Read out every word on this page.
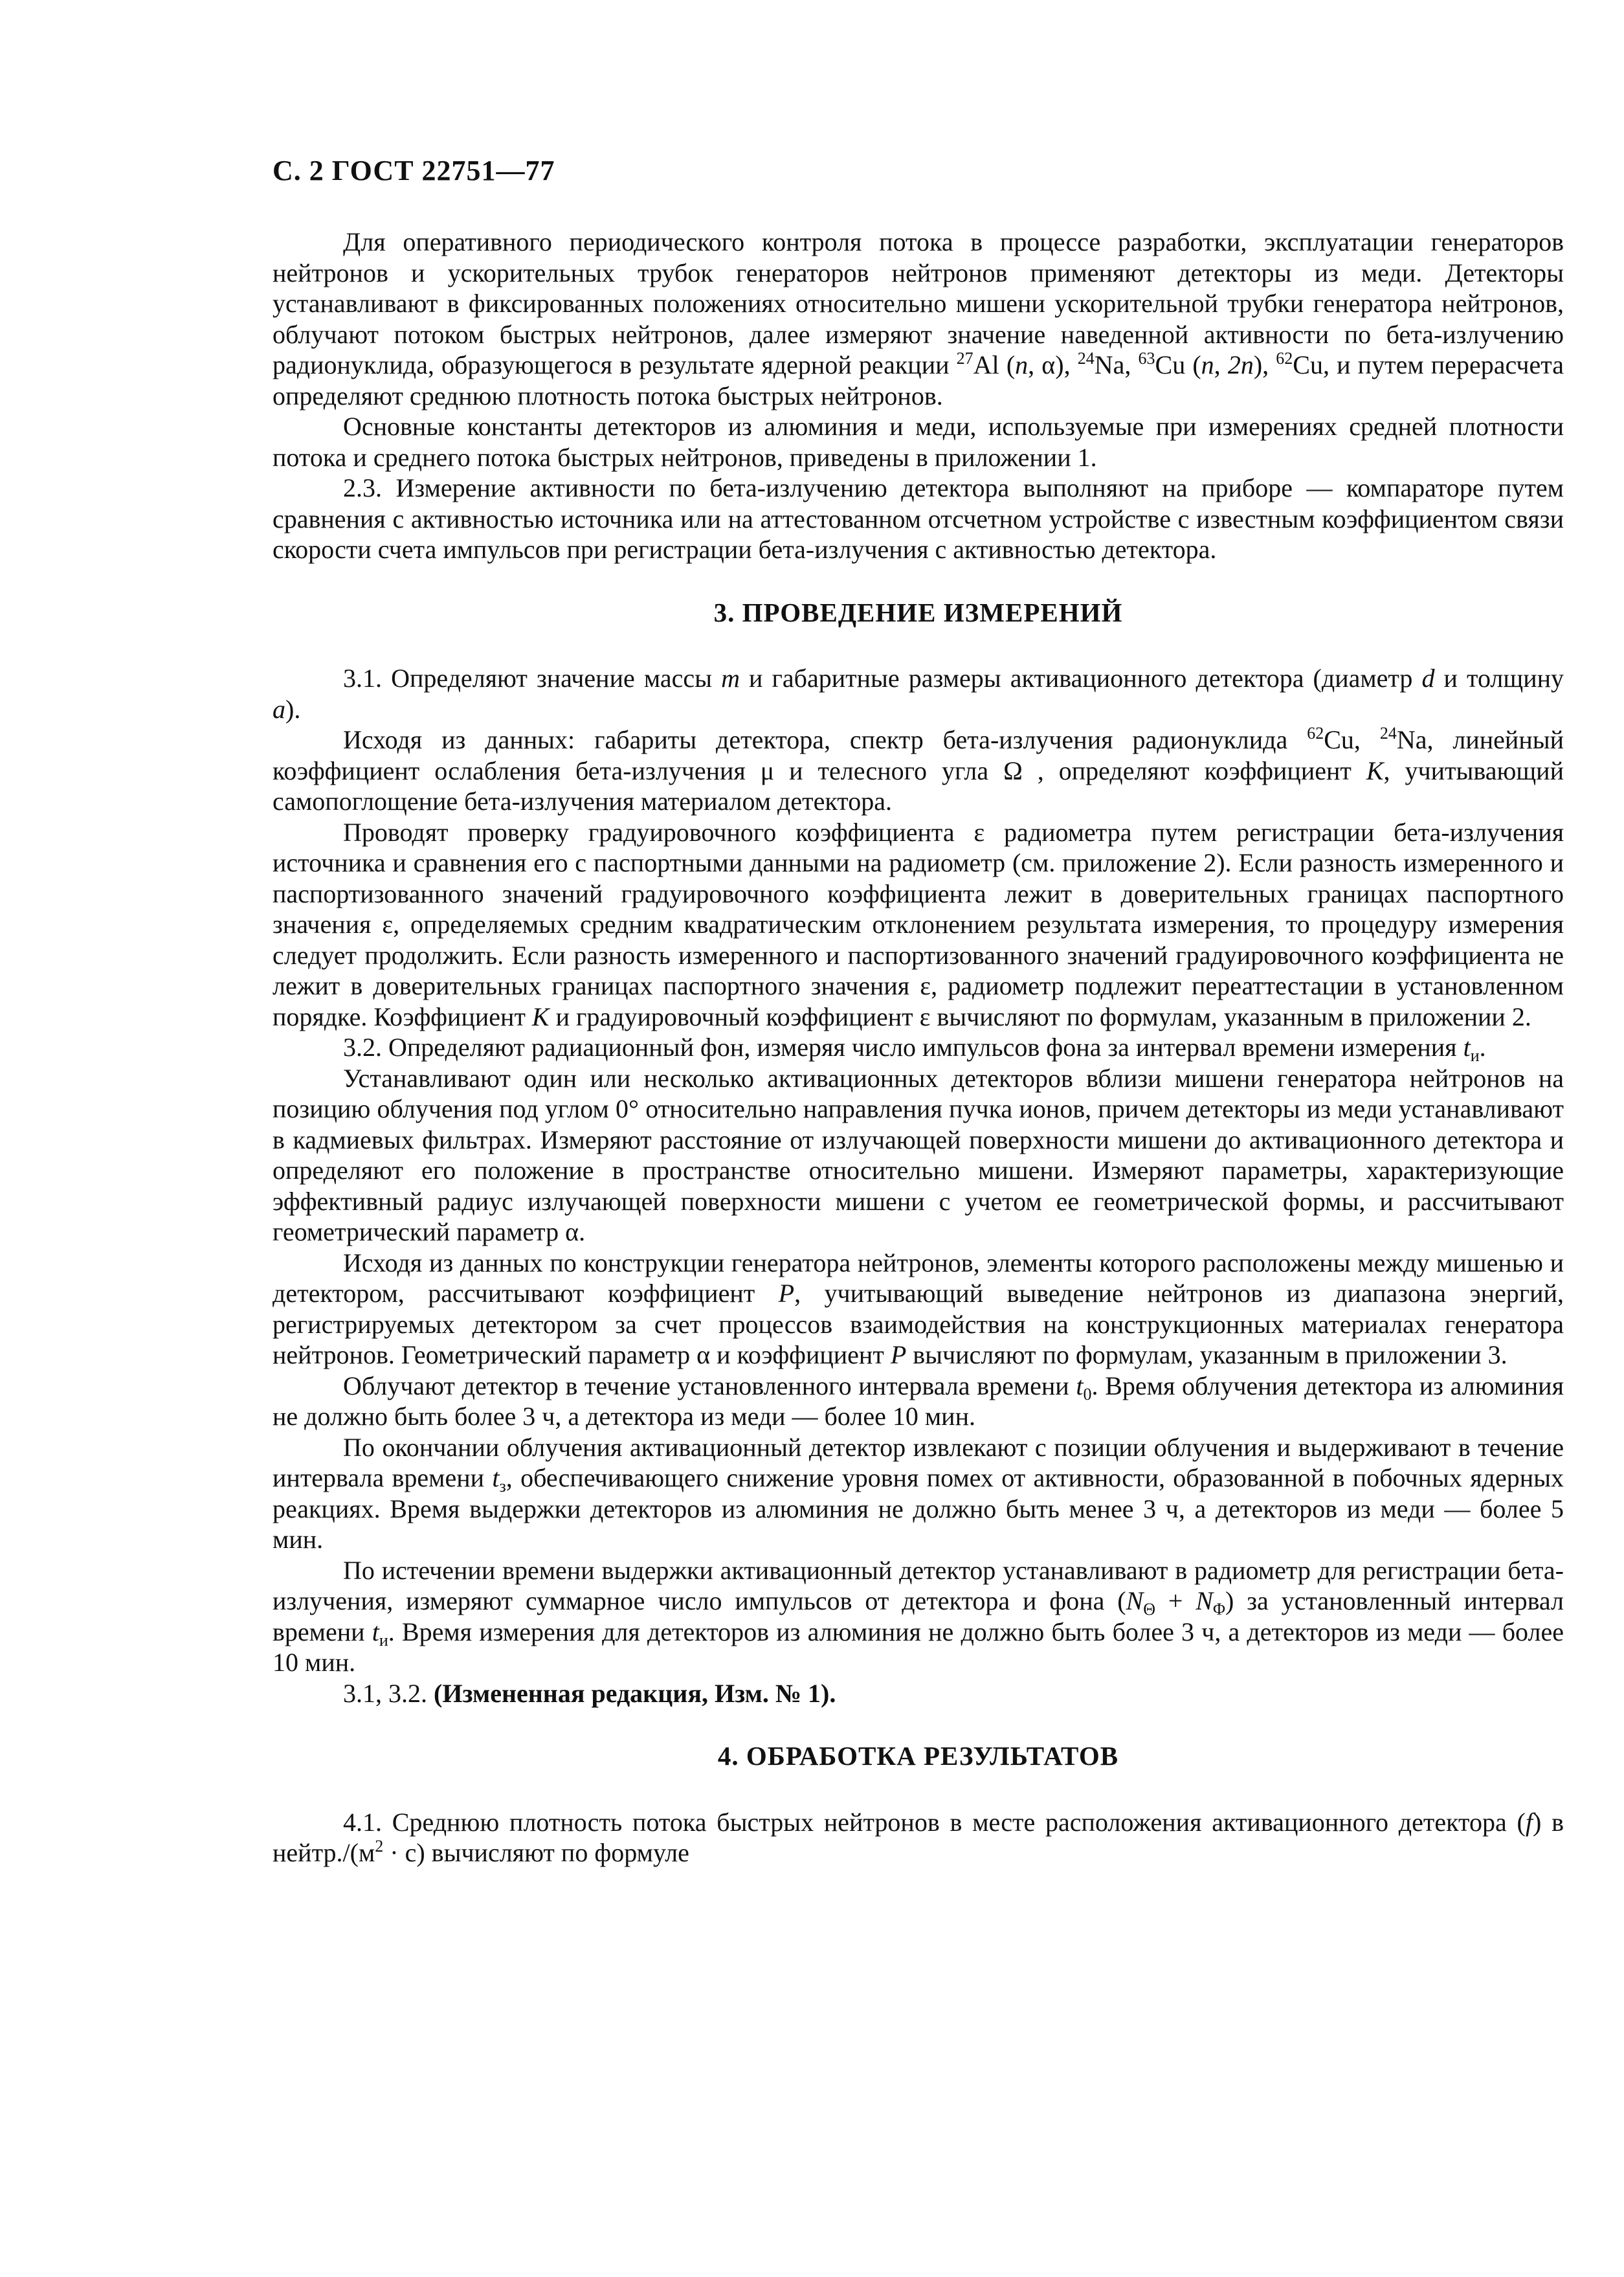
С. 2 ГОСТ 22751—77

Для оперативного периодического контроля потока в процессе разработки, эксплуатации генераторов нейтронов и ускорительных трубок генераторов нейтронов применяют детекторы из меди. Детекторы устанавливают в фиксированных положениях относительно мишени ускорительной трубки генератора нейтронов, облучают потоком быстрых нейтронов, далее измеряют значение наведенной активности по бета-излучению радионуклида, образующегося в результате ядерной реакции $^{27}$Al (n, α), $^{24}$Na, $^{63}$Cu (n, 2n), $^{62}$Cu, и путем перерасчета определяют среднюю плотность потока быстрых нейтронов.

Основные константы детекторов из алюминия и меди, используемые при измерениях средней плотности потока и среднего потока быстрых нейтронов, приведены в приложении 1.

2.3. Измерение активности по бета-излучению детектора выполняют на приборе — компараторе путем сравнения с активностью источника или на аттестованном отсчетном устройстве с известным коэффициентом связи скорости счета импульсов при регистрации бета-излучения с активностью детектора.

3. ПРОВЕДЕНИЕ ИЗМЕРЕНИЙ

3.1. Определяют значение массы m и габаритные размеры активационного детектора (диаметр d и толщину a).

Исходя из данных: габариты детектора, спектр бета-излучения радионуклида $^{62}$Cu, $^{24}$Na, линейный коэффициент ослабления бета-излучения μ и телесного угла Ω , определяют коэффициент K, учитывающий самопоглощение бета-излучения материалом детектора.

Проводят проверку градуировочного коэффициента ε радиометра путем регистрации бета-излучения источника и сравнения его с паспортными данными на радиометр (см. приложение 2). Если разность измеренного и паспортизованного значений градуировочного коэффициента лежит в доверительных границах паспортного значения ε, определяемых средним квадратическим отклонением результата измерения, то процедуру измерения следует продолжить. Если разность измеренного и паспортизованного значений градуировочного коэффициента не лежит в доверительных границах паспортного значения ε, радиометр подлежит переаттестации в установленном порядке. Коэффициент K и градуировочный коэффициент ε вычисляют по формулам, указанным в приложении 2.

3.2. Определяют радиационный фон, измеряя число импульсов фона за интервал времени измерения $t_и$.

Устанавливают один или несколько активационных детекторов вблизи мишени генератора нейтронов на позицию облучения под углом 0° относительно направления пучка ионов, причем детекторы из меди устанавливают в кадмиевых фильтрах. Измеряют расстояние от излучающей поверхности мишени до активационного детектора и определяют его положение в пространстве относительно мишени. Измеряют параметры, характеризующие эффективный радиус излучающей поверхности мишени с учетом ее геометрической формы, и рассчитывают геометрический параметр α.

Исходя из данных по конструкции генератора нейтронов, элементы которого расположены между мишенью и детектором, рассчитывают коэффициент P, учитывающий выведение нейтронов из диапазона энергий, регистрируемых детектором за счет процессов взаимодействия на конструкционных материалах генератора нейтронов. Геометрический параметр α и коэффициент P вычисляют по формулам, указанным в приложении 3.

Облучают детектор в течение установленного интервала времени $t_0$. Время облучения детектора из алюминия не должно быть более 3 ч, а детектора из меди — более 10 мин.

По окончании облучения активационный детектор извлекают с позиции облучения и выдерживают в течение интервала времени $t_з$, обеспечивающего снижение уровня помех от активности, образованной в побочных ядерных реакциях. Время выдержки детекторов из алюминия не должно быть менее 3 ч, а детекторов из меди — более 5 мин.

По истечении времени выдержки активационный детектор устанавливают в радиометр для регистрации бета-излучения, измеряют суммарное число импульсов от детектора и фона $(N_\Theta + N_\Phi)$ за установленный интервал времени $t_и$. Время измерения для детекторов из алюминия не должно быть более 3 ч, а детекторов из меди — более 10 мин.

3.1, 3.2. (Измененная редакция, Изм. № 1).

4. ОБРАБОТКА РЕЗУЛЬТАТОВ

4.1. Среднюю плотность потока быстрых нейтронов в месте расположения активационного детектора (f) в $нейтр./(м^2 \cdot с)$ вычисляют по формуле
